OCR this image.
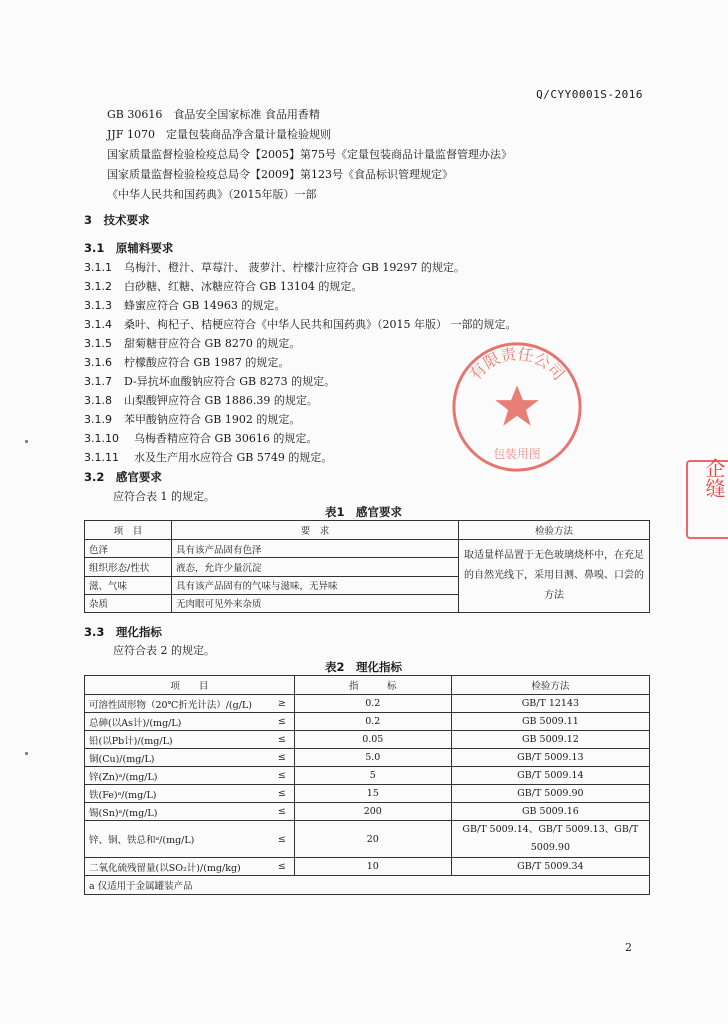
Q/CYY0001S-2016
GB 30616　食品安全国家标准 食品用香精
JJF 1070　定量包装商品净含量计量检验规则
国家质量监督检验检疫总局令【2005】第75号《定量包装商品计量监督管理办法》
国家质量监督检验检疫总局令【2009】第123号《食品标识管理规定》
《中华人民共和国药典》（2015年版）一部
3　技术要求
3.1　原辅料要求
3.1.1 乌梅汁、橙汁、草莓汁、 菠萝汁、柠檬汁应符合 GB 19297 的规定。
3.1.2 白砂糖、红糖、冰糖应符合 GB 13104 的规定。
3.1.3 蜂蜜应符合 GB 14963 的规定。
3.1.4 桑叶、枸杞子、桔梗应符合《中华人民共和国药典》（2015 年版） 一部的规定。
3.1.5 甜菊糖苷应符合 GB 8270 的规定。
3.1.6 柠檬酸应符合 GB 1987 的规定。
3.1.7 D-异抗坏血酸钠应符合 GB 8273 的规定。
3.1.8 山梨酸钾应符合 GB 1886.39 的规定。
3.1.9 苯甲酸钠应符合 GB 1902 的规定。
3.1.10 乌梅香精应符合 GB 30616 的规定。
3.1.11 水及生产用水应符合 GB 5749 的规定。
3.2　感官要求
应符合表 1 的规定。
表1　感官要求
项　目	要　求	检验方法
色泽	具有该产品固有色泽	取适量样品置于无色玻璃烧杯中，在充足的自然光线下，采用目测、鼻嗅、口尝的方法
组织形态/性状	液态，允许少量沉淀	
滋、气味	具有该产品固有的气味与滋味，无异味	
杂质	无肉眼可见外来杂质	
3.3　理化指标
应符合表 2 的规定。
表2　理化指标
项　　目		指　　　标	检验方法
可溶性固形物（20℃折光计法）/(g/L)	≥	0.2	GB/T 12143
总砷(以As计)/(mg/L)	≤	0.2	GB 5009.11
铅(以Pb计)/(mg/L)	≤	0.05	GB 5009.12
铜(Cu)/(mg/L)	≤	5.0	GB/T 5009.13
锌(Zn)ᵃ/(mg/L)	≤	5	GB/T 5009.14
铁(Fe)ᵃ/(mg/L)	≤	15	GB/T 5009.90
锡(Sn)ᵃ/(mg/L)	≤	200	GB 5009.16
锌、铜、铁总和ᵃ/(mg/L)	≤	20	GB/T 5009.14、GB/T 5009.13、GB/T 5009.90
二氧化硫残留量(以SO₂计)/(mg/kg)	≤	10	GB/T 5009.34
a 仅适用于金属罐装产品			
2
有限责任公司
包装用图
企缝
